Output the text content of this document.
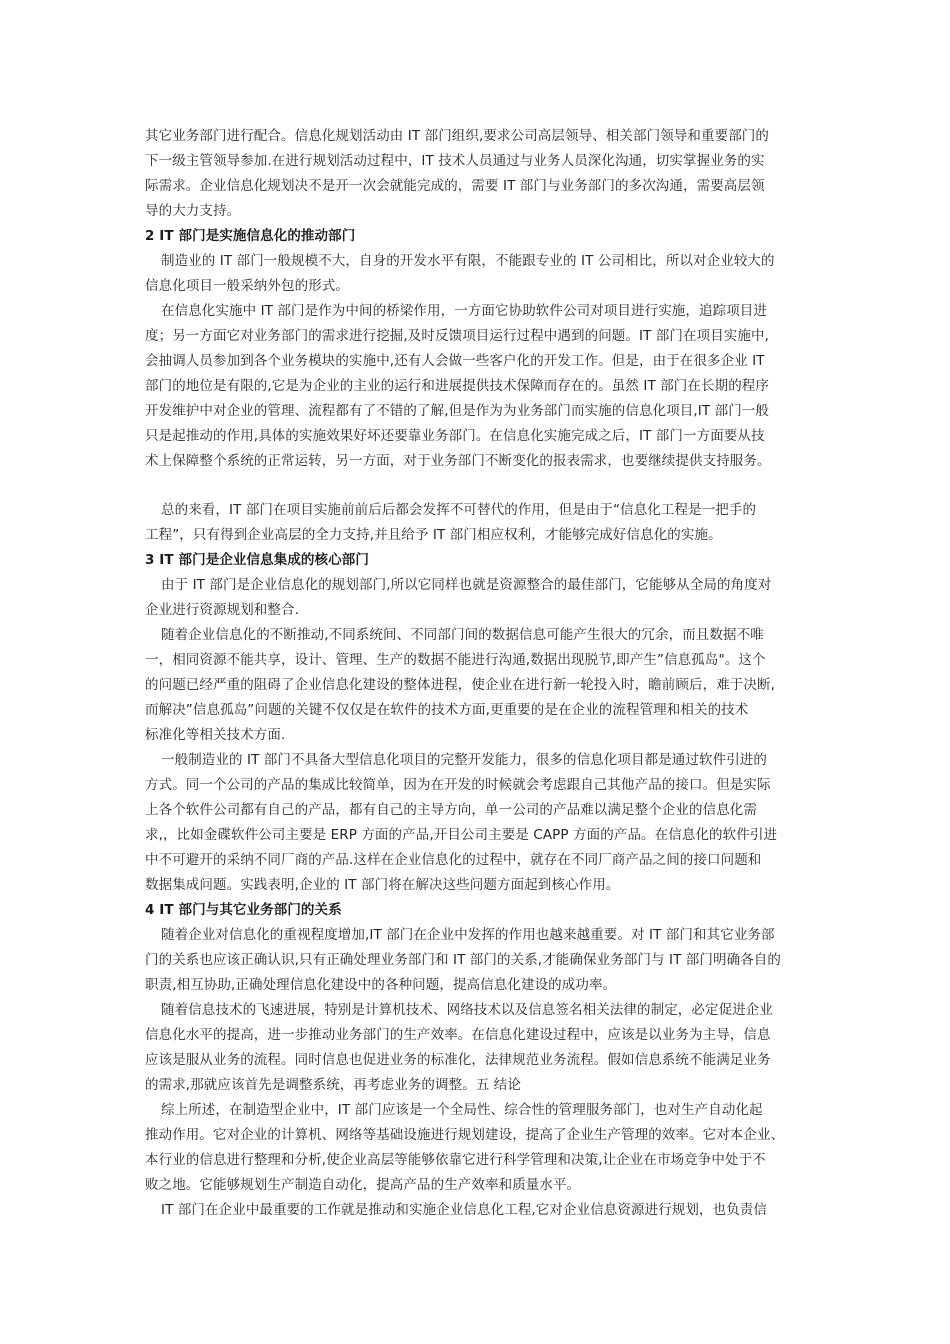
其它业务部门进行配合。信息化规划活动由 IT 部门组织,要求公司高层领导、相关部门领导和重要部门的

下一级主管领导参加.在进行规划活动过程中，IT 技术人员通过与业务人员深化沟通，切实掌握业务的实

际需求。企业信息化规划决不是开一次会就能完成的，需要 IT 部门与业务部门的多次沟通，需要高层领

导的大力支持。

2 IT 部门是实施信息化的推动部门

制造业的 IT 部门一般规模不大，自身的开发水平有限，不能跟专业的 IT 公司相比，所以对企业较大的

信息化项目一般采纳外包的形式。

在信息化实施中 IT 部门是作为中间的桥梁作用，一方面它协助软件公司对项目进行实施，追踪项目进

度；另一方面它对业务部门的需求进行挖掘,及时反馈项目运行过程中遇到的问题。IT 部门在项目实施中,

会抽调人员参加到各个业务模块的实施中,还有人会做一些客户化的开发工作。但是，由于在很多企业 IT

部门的地位是有限的,它是为企业的主业的运行和进展提供技术保障而存在的。虽然 IT 部门在长期的程序

开发维护中对企业的管理、流程都有了不错的了解,但是作为为业务部门而实施的信息化项目,IT 部门一般

只是起推动的作用,具体的实施效果好坏还要靠业务部门。在信息化实施完成之后，IT 部门一方面要从技

术上保障整个系统的正常运转，另一方面，对于业务部门不断变化的报表需求，也要继续提供支持服务。

总的来看，IT 部门在项目实施前前后后都会发挥不可替代的作用，但是由于“信息化工程是一把手的

工程”，只有得到企业高层的全力支持,并且给予 IT 部门相应权利，才能够完成好信息化的实施。

3 IT 部门是企业信息集成的核心部门

由于 IT 部门是企业信息化的规划部门,所以它同样也就是资源整合的最佳部门，它能够从全局的角度对

企业进行资源规划和整合.

随着企业信息化的不断推动,不同系统间、不同部门间的数据信息可能产生很大的冗余，而且数据不唯

一，相同资源不能共享，设计、管理、生产的数据不能进行沟通,数据出现脱节,即产生”信息孤岛"。这个

的问题已经严重的阻碍了企业信息化建设的整体进程，使企业在进行新一轮投入时，瞻前顾后，难于决断,

而解决”信息孤岛”问题的关键不仅仅是在软件的技术方面,更重要的是在企业的流程管理和相关的技术

标准化等相关技术方面.

一般制造业的 IT 部门不具备大型信息化项目的完整开发能力，很多的信息化项目都是通过软件引进的

方式。同一个公司的产品的集成比较简单，因为在开发的时候就会考虑跟自己其他产品的接口。但是实际

上各个软件公司都有自己的产品，都有自己的主导方向，单一公司的产品难以满足整个企业的信息化需

求,，比如金碟软件公司主要是 ERP 方面的产品,开目公司主要是 CAPP 方面的产品。在信息化的软件引进

中不可避开的采纳不同厂商的产品.这样在企业信息化的过程中，就存在不同厂商产品之间的接口问题和

数据集成问题。实践表明,企业的 IT 部门将在解决这些问题方面起到核心作用。

4 IT 部门与其它业务部门的关系

随着企业对信息化的重视程度增加,IT 部门在企业中发挥的作用也越来越重要。对 IT 部门和其它业务部

门的关系也应该正确认识,只有正确处理业务部门和 IT 部门的关系,才能确保业务部门与 IT 部门明确各自的

职责,相互协助,正确处理信息化建设中的各种问题，提高信息化建设的成功率。

随着信息技术的飞速进展，特别是计算机技术、网络技术以及信息签名相关法律的制定，必定促进企业

信息化水平的提高，进一步推动业务部门的生产效率。在信息化建设过程中，应该是以业务为主导，信息

应该是服从业务的流程。同时信息也促进业务的标准化，法律规范业务流程。假如信息系统不能满足业务

的需求,那就应该首先是调整系统，再考虑业务的调整。五 结论

综上所述，在制造型企业中，IT 部门应该是一个全局性、综合性的管理服务部门，也对生产自动化起

推动作用。它对企业的计算机、网络等基础设施进行规划建设，提高了企业生产管理的效率。它对本企业、

本行业的信息进行整理和分析,使企业高层等能够依靠它进行科学管理和决策,让企业在市场竞争中处于不

败之地。它能够规划生产制造自动化，提高产品的生产效率和质量水平。

IT 部门在企业中最重要的工作就是推动和实施企业信息化工程,它对企业信息资源进行规划，也负责信
